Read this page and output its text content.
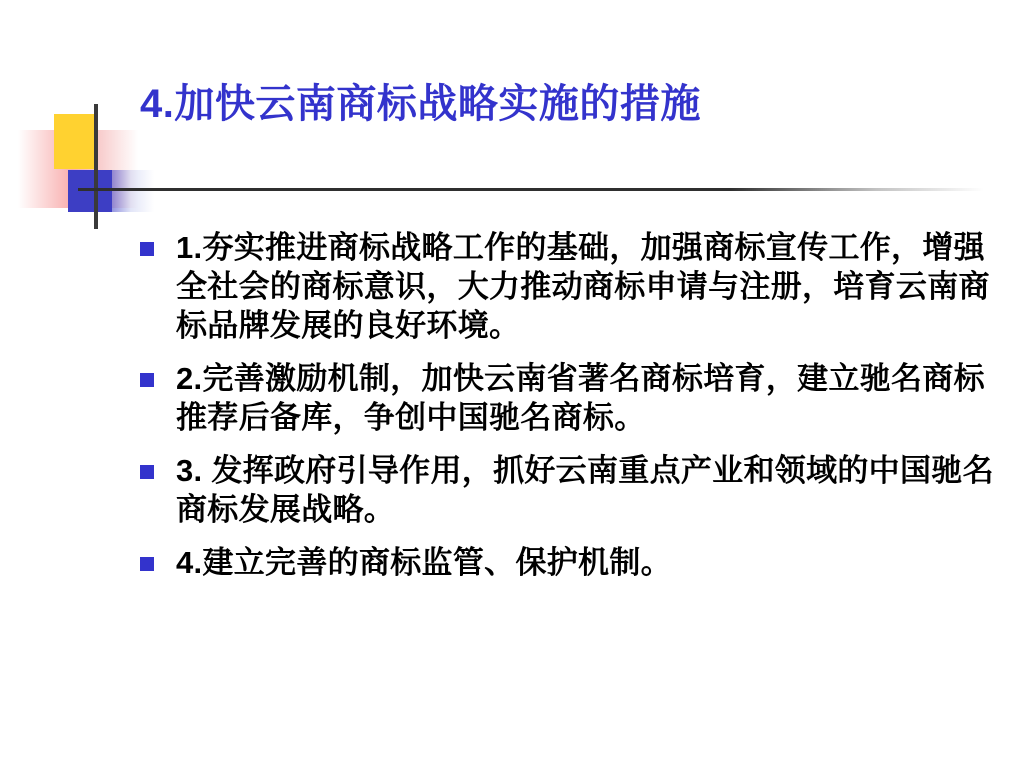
4.加快云南商标战略实施的措施
1.夯实推进商标战略工作的基础，加强商标宣传工作，增强全社会的商标意识，大力推动商标申请与注册，培育云南商标品牌发展的良好环境。
2.完善激励机制，加快云南省著名商标培育，建立驰名商标推荐后备库，争创中国驰名商标。
3. 发挥政府引导作用，抓好云南重点产业和领域的中国驰名商标发展战略。
4.建立完善的商标监管、保护机制。
